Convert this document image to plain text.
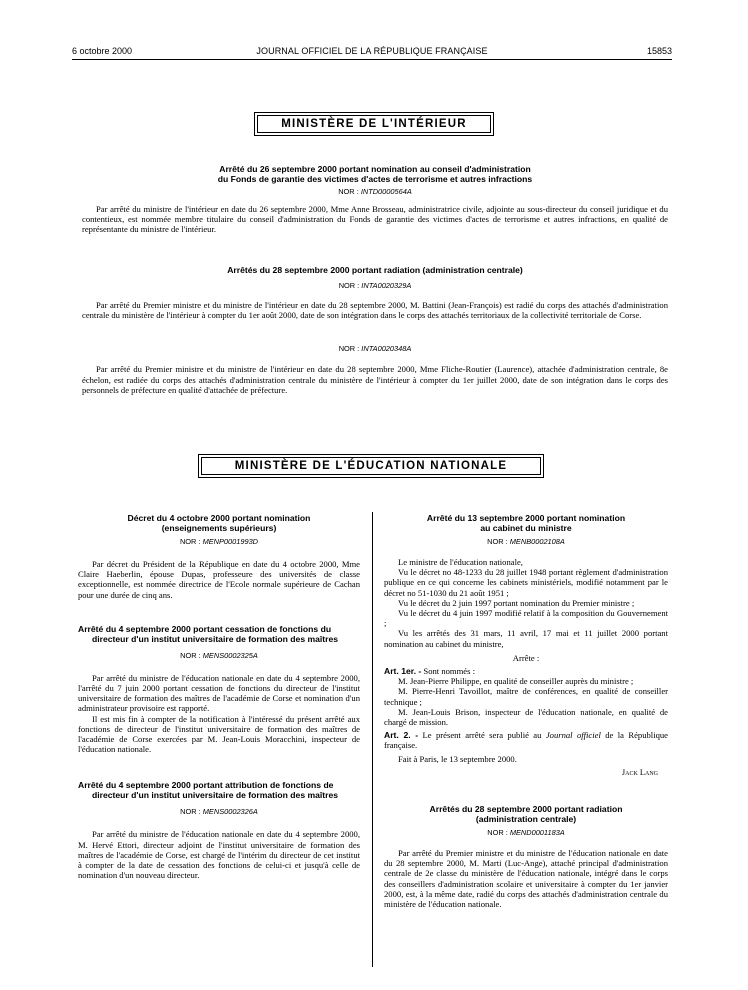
6 octobre 2000	JOURNAL OFFICIEL DE LA RÉPUBLIQUE FRANÇAISE	15853
MINISTÈRE DE L'INTÉRIEUR
Arrêté du 26 septembre 2000 portant nomination au conseil d'administration
du Fonds de garantie des victimes d'actes de terrorisme et autres infractions
NOR : INTD0000564A

Par arrêté du ministre de l'intérieur en date du 26 septembre 2000, Mme Anne Brosseau, administratrice civile, adjointe au sous-directeur du conseil juridique et du contentieux, est nommée membre titulaire du conseil d'administration du Fonds de garantie des victimes d'actes de terrorisme et autres infractions, en qualité de représentante du ministre de l'intérieur.

Arrêtés du 28 septembre 2000 portant radiation (administration centrale)
NOR : INTA0020329A

Par arrêté du Premier ministre et du ministre de l'intérieur en date du 28 septembre 2000, M. Battini (Jean-François) est radié du corps des attachés d'administration centrale du ministère de l'intérieur à compter du 1er août 2000, date de son intégration dans le corps des attachés territoriaux de la collectivité territoriale de Corse.

NOR : INTA0020348A

Par arrêté du Premier ministre et du ministre de l'intérieur en date du 28 septembre 2000, Mme Fliche-Routier (Laurence), attachée d'administration centrale, 8e échelon, est radiée du corps des attachés d'administration centrale du ministère de l'intérieur à compter du 1er juillet 2000, date de son intégration dans le corps des personnels de préfecture en qualité d'attachée de préfecture.

MINISTÈRE DE L'ÉDUCATION NATIONALE
Décret du 4 octobre 2000 portant nomination
(enseignements supérieurs)
NOR : MENP0001993D

Par décret du Président de la République en date du 4 octobre 2000, Mme Claire Haeberlin, épouse Dupas, professeure des universités de classe exceptionnelle, est nommée directrice de l'Ecole normale supérieure de Cachan pour une durée de cinq ans.

Arrêté du 4 septembre 2000 portant cessation de fonctions du directeur d'un institut universitaire de formation des maîtres
NOR : MENS0002325A

Par arrêté du ministre de l'éducation nationale en date du 4 septembre 2000, l'arrêté du 7 juin 2000 portant cessation de fonctions du directeur de l'institut universitaire de formation des maîtres de l'académie de Corse et nomination d'un administrateur provisoire est rapporté.

Il est mis fin à compter de la notification à l'intéressé du présent arrêté aux fonctions de directeur de l'institut universitaire de formation des maîtres de l'académie de Corse exercées par M. Jean-Louis Moracchini, inspecteur de l'éducation nationale.

Arrêté du 4 septembre 2000 portant attribution de fonctions de directeur d'un institut universitaire de formation des maîtres
NOR : MENS0002326A

Par arrêté du ministre de l'éducation nationale en date du 4 septembre 2000, M. Hervé Ettori, directeur adjoint de l'institut universitaire de formation des maîtres de l'académie de Corse, est chargé de l'intérim du directeur de cet institut à compter de la date de cessation des fonctions de celui-ci et jusqu'à celle de nomination d'un nouveau directeur.

Arrêté du 13 septembre 2000 portant nomination
au cabinet du ministre
NOR : MENB0002108A

Le ministre de l'éducation nationale,

Vu le décret no 48-1233 du 28 juillet 1948 portant règlement d'administration publique en ce qui concerne les cabinets ministériels, modifié notamment par le décret no 51-1030 du 21 août 1951 ;

Vu le décret du 2 juin 1997 portant nomination du Premier ministre ;

Vu le décret du 4 juin 1997 modifié relatif à la composition du Gouvernement ;

Vu les arrêtés des 31 mars, 11 avril, 17 mai et 11 juillet 2000 portant nomination au cabinet du ministre,

Arrête :

Art. 1er. - Sont nommés :

M. Jean-Pierre Philippe, en qualité de conseiller auprès du ministre ;

M. Pierre-Henri Tavoillot, maître de conférences, en qualité de conseiller technique ;

M. Jean-Louis Brison, inspecteur de l'éducation nationale, en qualité de chargé de mission.

Art. 2. - Le présent arrêté sera publié au Journal officiel de la République française.

Fait à Paris, le 13 septembre 2000.

Jack Lang

Arrêtés du 28 septembre 2000 portant radiation
(administration centrale)
NOR : MEND0001183A

Par arrêté du Premier ministre et du ministre de l'éducation nationale en date du 28 septembre 2000, M. Marti (Luc-Ange), attaché principal d'administration centrale de 2e classe du ministère de l'éducation nationale, intégré dans le corps des conseillers d'administration scolaire et universitaire à compter du 1er janvier 2000, est, à la même date, radié du corps des attachés d'administration centrale du ministère de l'éducation nationale.
